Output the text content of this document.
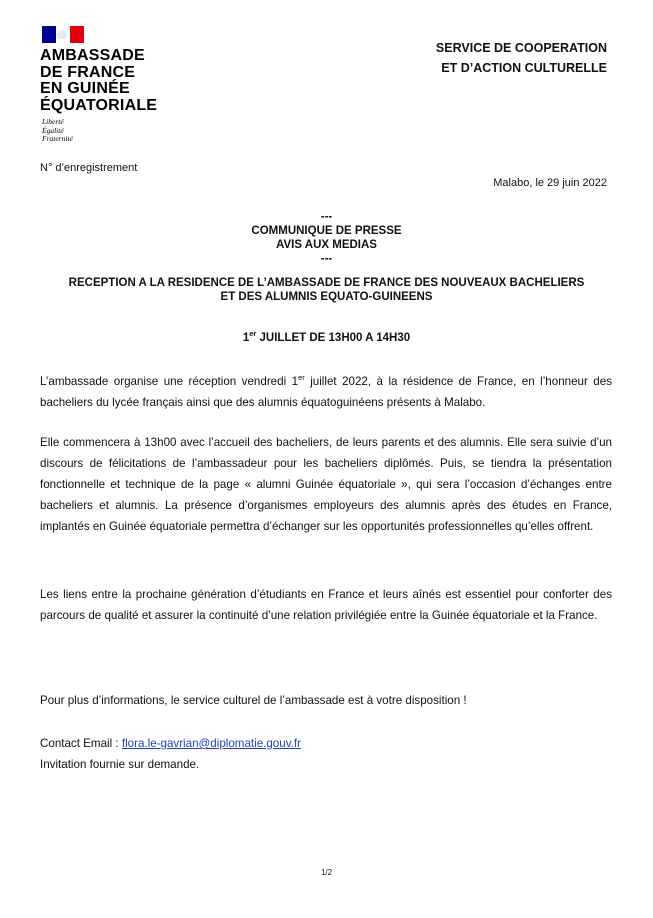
AMBASSADE
DE FRANCE
EN GUINÉE
ÉQUATORIALE
Liberté
Égalité
Fraternité
SERVICE DE COOPERATION
ET D’ACTION CULTURELLE
N° d’enregistrement
Malabo, le 29 juin 2022
---
COMMUNIQUE DE PRESSE
AVIS AUX MEDIAS
---
RECEPTION A LA RESIDENCE DE L’AMBASSADE DE FRANCE DES NOUVEAUX BACHELIERS
ET DES ALUMNIS EQUATO-GUINEENS
1er JUILLET DE 13H00 A 14H30
L’ambassade organise une réception vendredi 1er juillet 2022, à la résidence de France, en l’honneur des bacheliers du lycée français ainsi que des alumnis équatoguinéens présents à Malabo.
Elle commencera à 13h00 avec l’accueil des bacheliers, de leurs parents et des alumnis. Elle sera suivie d’un discours de félicitations de l’ambassadeur pour les bacheliers diplômés. Puis, se tiendra la présentation fonctionnelle et technique de la page « alumni Guinée équatoriale », qui sera l’occasion d’échanges entre bacheliers et alumnis. La présence d’organismes employeurs des alumnis après des études en France, implantés en Guinée équatoriale permettra d’échanger sur les opportunités professionnelles qu’elles offrent.
Les liens entre la prochaine génération d’étudiants en France et leurs aînés est essentiel pour conforter des parcours de qualité et assurer la continuité d’une relation privilégiée entre la Guinée équatoriale et la France.
Pour plus d’informations, le service culturel de l’ambassade est à votre disposition !
Contact Email : flora.le-gavrian@diplomatie.gouv.fr
Invitation fournie sur demande.
1/2
